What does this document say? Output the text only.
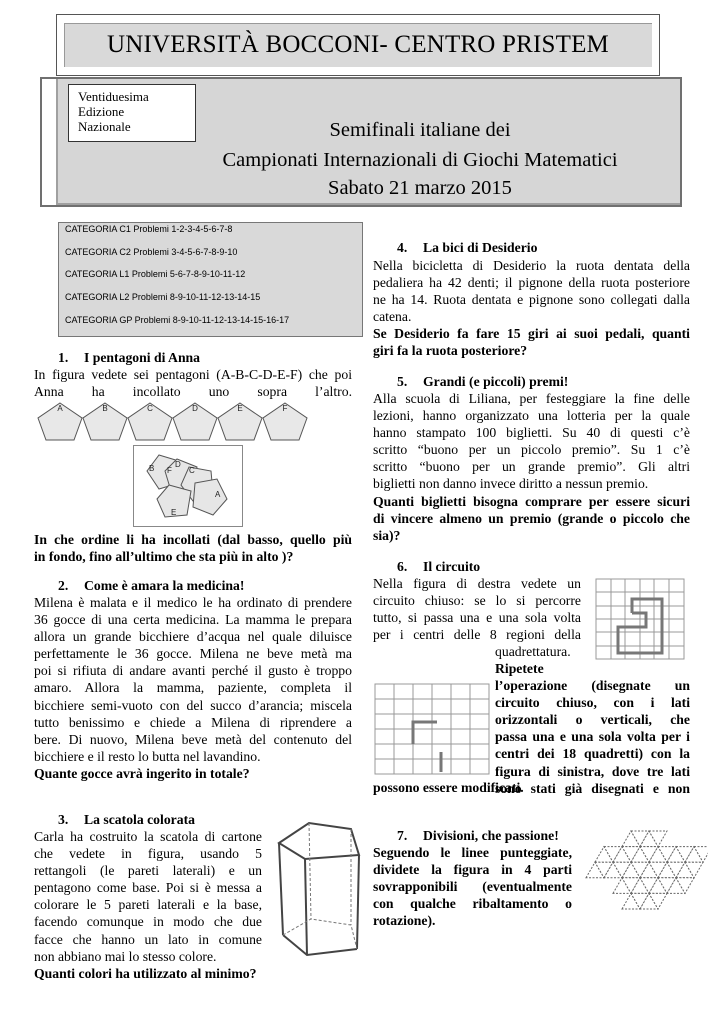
UNIVERSITÀ BOCCONI- CENTRO PRISTEM
Ventiduesima
Edizione
Nazionale	Semifinali italiane dei
Campionati Internazionali di Giochi Matematici
Sabato 21 marzo 2015
CATEGORIA C1 Problemi 1-2-3-4-5-6-7-8
CATEGORIA C2 Problemi 3-4-5-6-7-8-9-10
CATEGORIA L1 Problemi 5-6-7-8-9-10-11-12
CATEGORIA L2 Problemi 8-9-10-11-12-13-14-15
CATEGORIA GP Problemi 8-9-10-11-12-13-14-15-16-17
1. I pentagoni di Anna
In figura vedete sei pentagoni (A-B-C-D-E-F) che poi
Anna ha incollato uno sopra l’altro.
A	B	C	D	E	F
B F
D
C
A
E
In che ordine li ha incollati (dal basso, quello più
in fondo, fino all’ultimo che sta più in alto )?
2. Come è amara la medicina!
Milena è malata e il medico le ha ordinato di prendere
36 gocce di una certa medicina. La mamma le prepara
allora un grande bicchiere d’acqua nel quale diluisce
perfettamente le 36 gocce. Milena ne beve metà ma
poi si rifiuta di andare avanti perché il gusto è troppo
amaro. Allora la mamma, paziente, completa il
bicchiere semi-vuoto con del succo d’arancia; miscela
tutto benissimo e chiede a Milena di riprendere a
bere. Di nuovo, Milena beve metà del contenuto del
bicchiere e il resto lo butta nel lavandino.
Quante gocce avrà ingerito in totale?
3. La scatola colorata
Carla ha costruito la scatola di cartone
che vedete in figura, usando 5
rettangoli (le pareti laterali) e un
pentagono come base. Poi si è messa a
colorare le 5 pareti laterali e la base,
facendo comunque in modo che due
facce che hanno un lato in comune
non abbiano mai lo stesso colore.
Quanti colori ha utilizzato al minimo?
4. La bici di Desiderio
Nella bicicletta di Desiderio la ruota dentata della
pedaliera ha 42 denti; il pignone della ruota posteriore
ne ha 14. Ruota dentata e pignone sono collegati dalla
catena.
Se Desiderio fa fare 15 giri ai suoi pedali, quanti
giri fa la ruota posteriore?
5. Grandi (e piccoli) premi!
Alla scuola di Liliana, per festeggiare la fine delle
lezioni, hanno organizzato una lotteria per la quale
hanno stampato 100 biglietti. Su 40 di questi c’è
scritto “buono per un piccolo premio”. Su 1 c’è
scritto “buono per un grande premio”. Gli altri
biglietti non danno invece diritto a nessun premio.
Quanti biglietti bisogna comprare per essere sicuri
di vincere almeno un premio (grande o piccolo che
sia)?
6. Il circuito
Nella figura di destra vedete un
circuito chiuso: se lo si percorre
tutto, si passa una e una sola volta
per i centri delle 8 regioni della
quadrettatura.
Ripetete
l’operazione (disegnate un
circuito chiuso, con i lati
orizzontali o verticali, che
passa una e una sola volta per i
centri dei 18 quadretti) con la
figura di sinistra, dove tre lati
sono stati già disegnati e non
possono essere modificati.
7. Divisioni, che passione!
Seguendo le linee punteggiate,
dividete la figura in 4 parti
sovrapponibili (eventualmente
con qualche ribaltamento o
rotazione).
